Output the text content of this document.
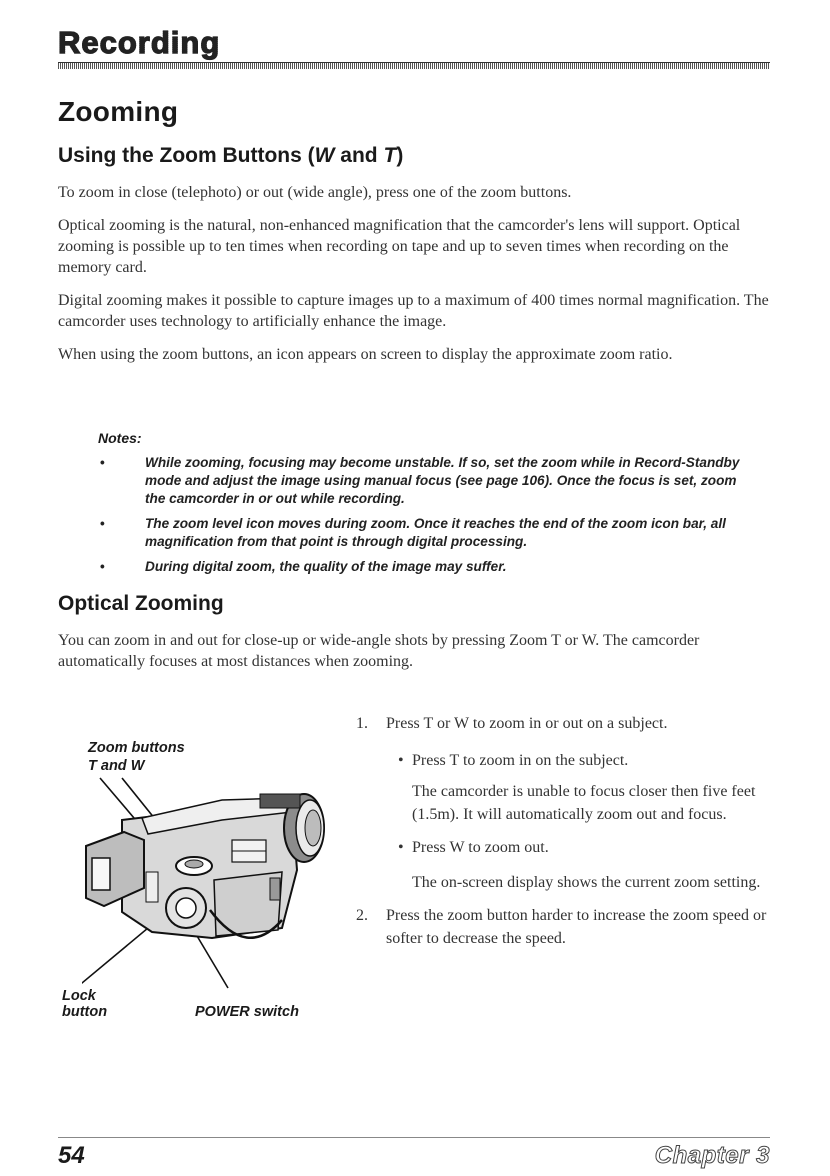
Recording
Zooming
Using the Zoom Buttons (W and T)

To zoom in close (telephoto) or out (wide angle), press one of the zoom buttons.

Optical zooming is the natural, non-enhanced magnification that the camcorder's lens will support. Optical zooming is possible up to ten times when recording on tape and up to seven times when recording on the memory card.

Digital zooming makes it possible to capture images up to a maximum of 400 times normal magnification. The camcorder uses technology to artificially enhance the image.

When using the zoom buttons, an icon appears on screen to display the approximate zoom ratio.

Notes:

•	While zooming, focusing may become unstable. If so, set the zoom while in Record-Standby mode and adjust the image using manual focus (see page 106). Once the focus is set, zoom the camcorder in or out while recording.
•	The zoom level icon moves during zoom. Once it reaches the end of the zoom icon bar, all magnification from that point is through digital processing.
•	During digital zoom, the quality of the image may suffer.
Optical Zooming

You can zoom in and out for close-up or wide-angle shots by pressing Zoom T or W. The camcorder automatically focuses at most distances when zooming.

Zoom buttons

T and W

Lock

button	POWER switch

1. Press T or W to zoom in or out on a subject.
• Press T to zoom in on the subject.
The camcorder is unable to focus closer then five feet (1.5m). It will automatically zoom out and focus.
• Press W to zoom out.
The on-screen display shows the current zoom setting.
2. Press the zoom button harder to increase the zoom speed or softer to decrease the speed.

54	Chapter 3
